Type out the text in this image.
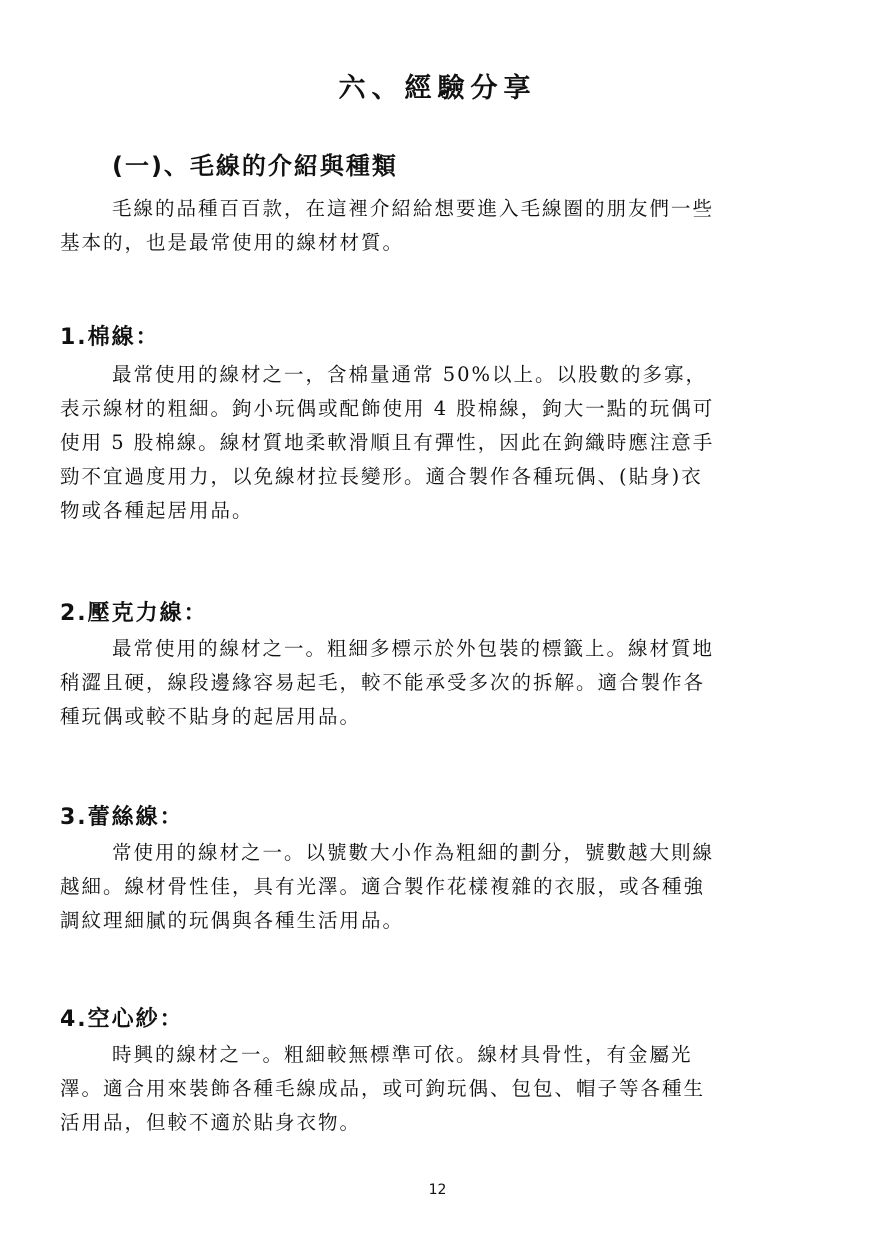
六、經驗分享
(一)、毛線的介紹與種類
毛線的品種百百款，在這裡介紹給想要進入毛線圈的朋友們一些
基本的，也是最常使用的線材材質。
1.棉線：
最常使用的線材之一，含棉量通常 50%以上。以股數的多寡，
表示線材的粗細。鉤小玩偶或配飾使用 4 股棉線，鉤大一點的玩偶可
使用 5 股棉線。線材質地柔軟滑順且有彈性，因此在鉤織時應注意手
勁不宜過度用力，以免線材拉長變形。適合製作各種玩偶、(貼身)衣
物或各種起居用品。
2.壓克力線：
最常使用的線材之一。粗細多標示於外包裝的標籤上。線材質地
稍澀且硬，線段邊緣容易起毛，較不能承受多次的拆解。適合製作各
種玩偶或較不貼身的起居用品。
3.蕾絲線：
常使用的線材之一。以號數大小作為粗細的劃分，號數越大則線
越細。線材骨性佳，具有光澤。適合製作花樣複雜的衣服，或各種強
調紋理細膩的玩偶與各種生活用品。
4.空心紗：
時興的線材之一。粗細較無標準可依。線材具骨性，有金屬光
澤。適合用來裝飾各種毛線成品，或可鉤玩偶、包包、帽子等各種生
活用品，但較不適於貼身衣物。
12
